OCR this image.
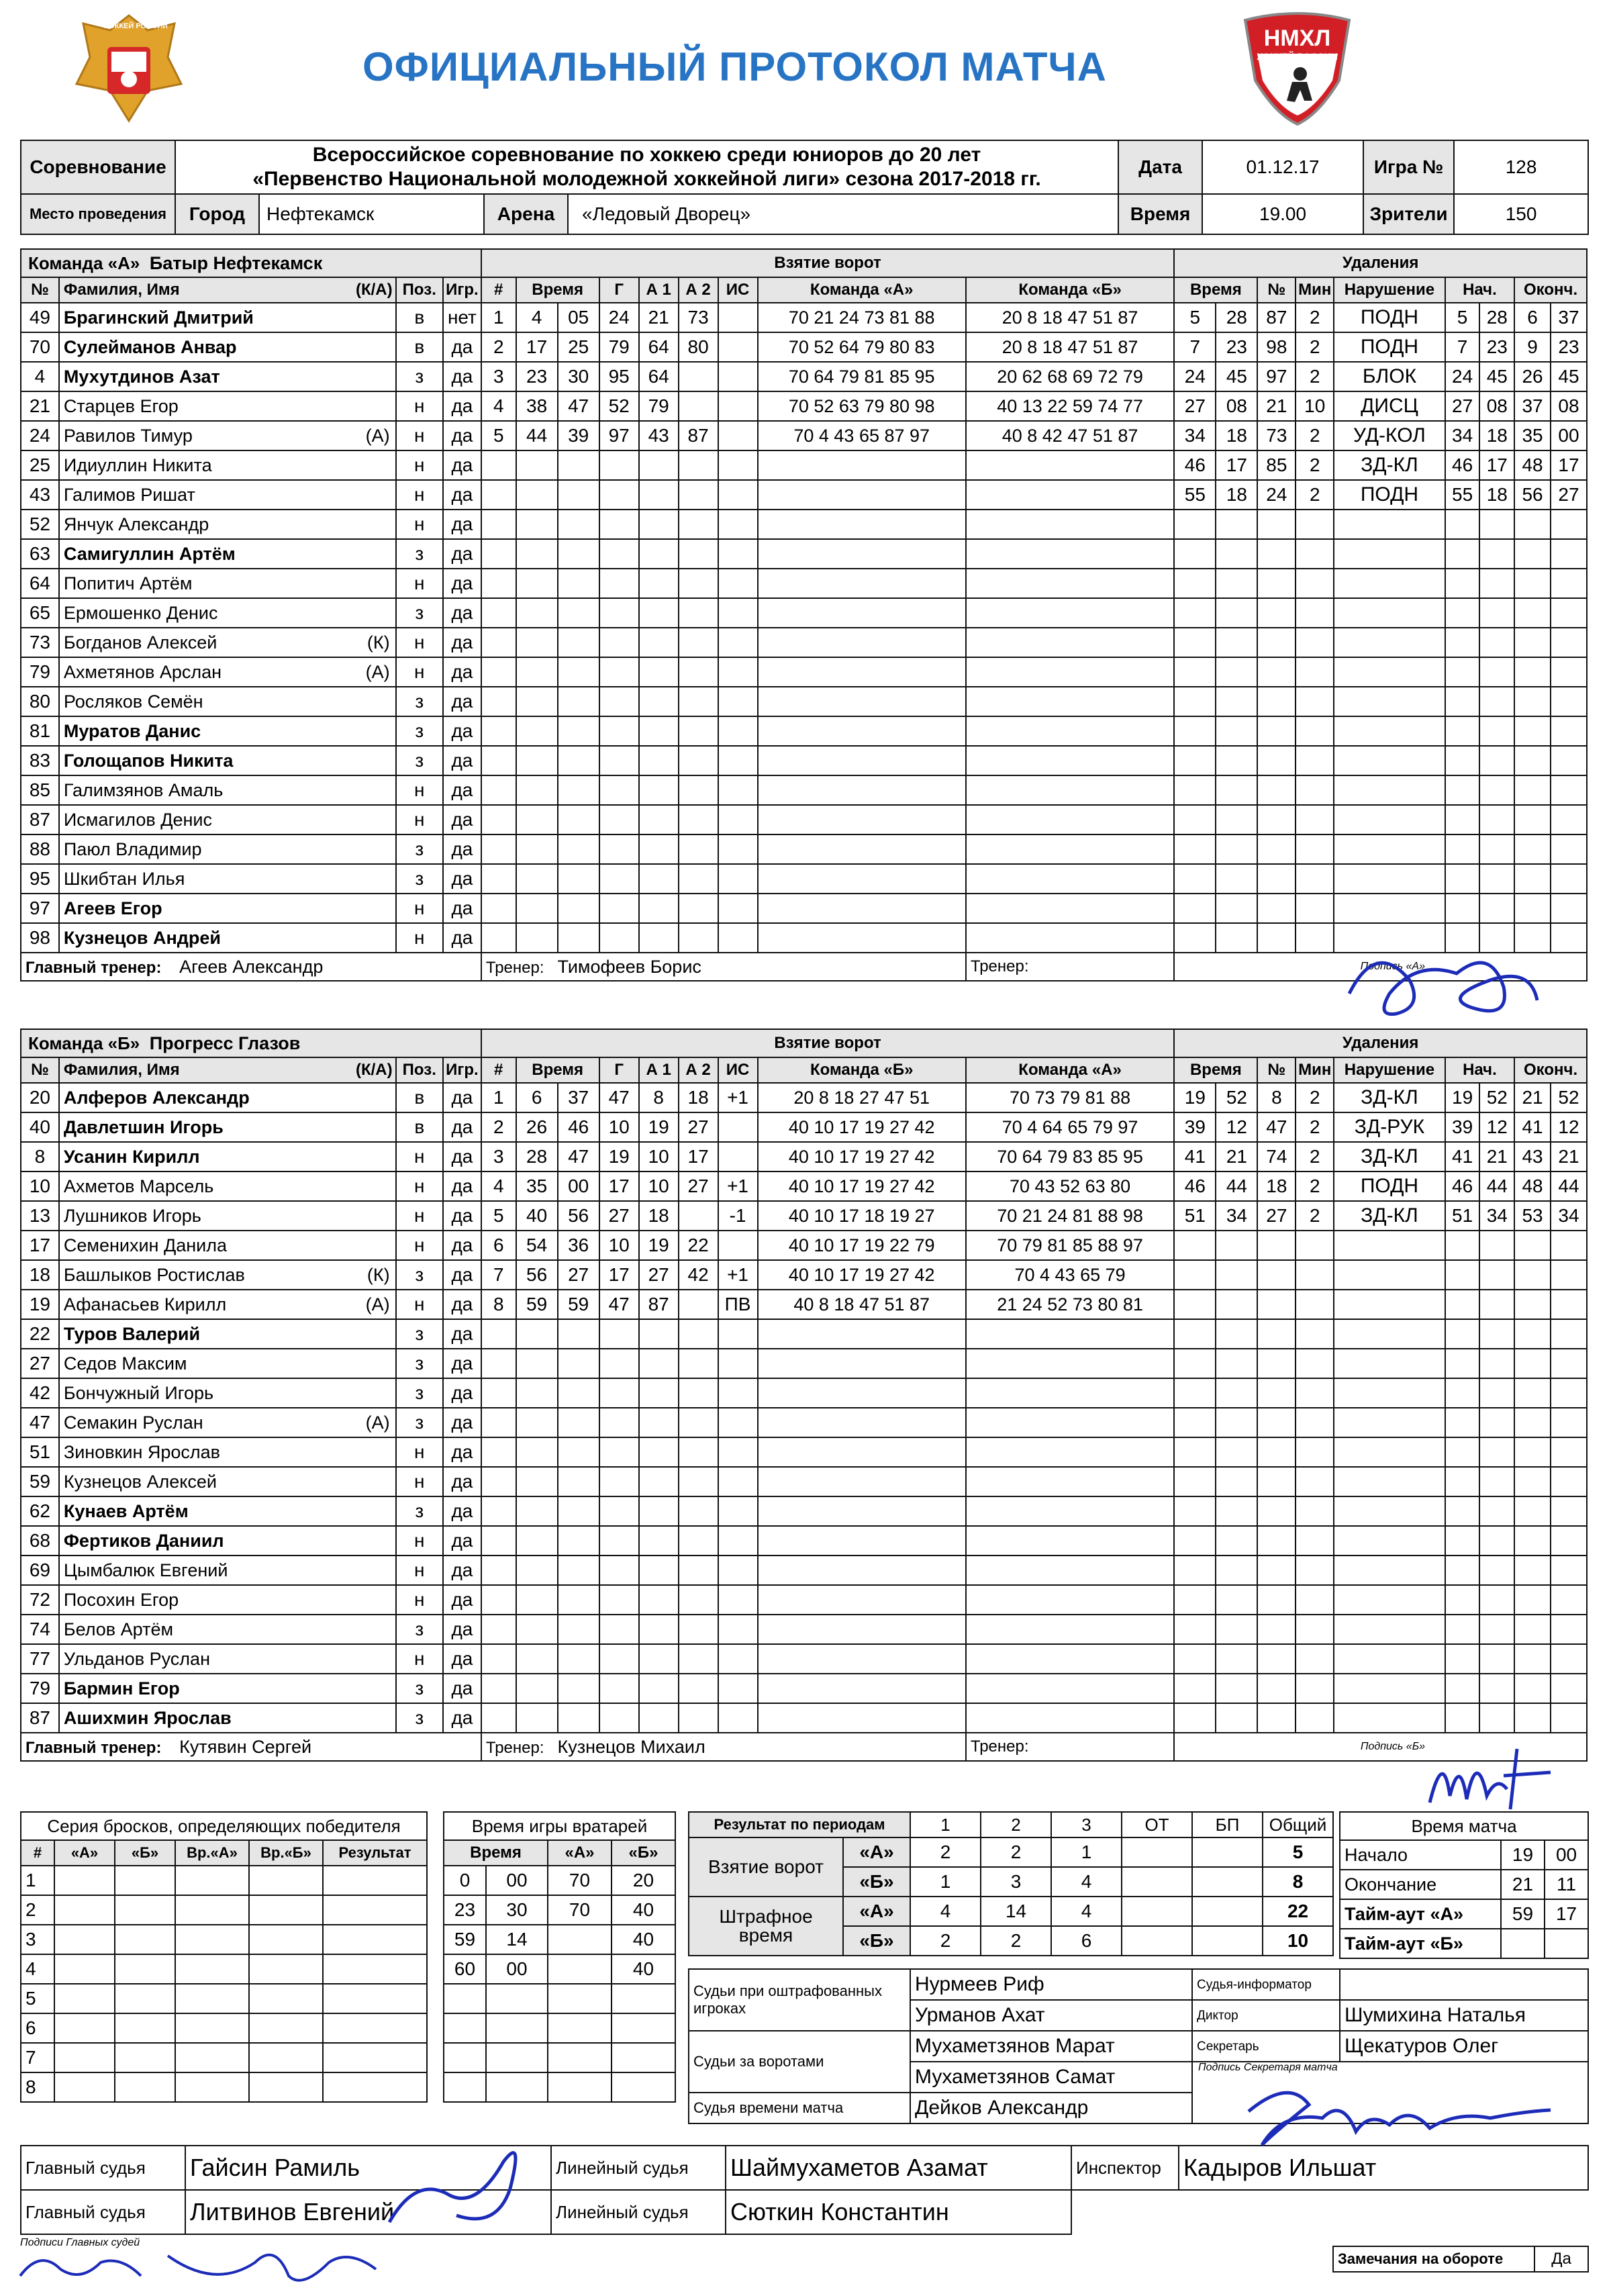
ХОККЕЙ РОССИИ
ОФИЦИАЛЬНЫЙ ПРОТОКОЛ МАТЧА
НМХЛ
ХОККЕЙ РОССИИ
Соревнование	Всероссийское соревнование по хоккею среди юниоров до 20 лет
«Первенство Национальной молодежной хоккейной лиги» сезона 2017-2018 гг.				Дата	01.12.17	Игра №	128
Место проведения	Город	Нефтекамск	Арена	«Ледовый Дворец»	Время	19.00	Зрители	150
Команда «А» Батыр Нефтекамск				Взятие ворот									Удаления								
№	Фамилия, Имя (К/А)	Поз.	Игр.	#	Время		Г	А 1	А 2	ИС	Команда «А»	Команда «Б»	Время		№	Мин	Нарушение	Нач.		Оконч.	
49	Брагинский Дмитрий	в	нет	1	4	05	24	21	73		70 21 24 73 81 88	20 8 18 47 51 87	5	28	87	2	ПОДН	5	28	6	37
70	Сулейманов Анвар	в	да	2	17	25	79	64	80		70 52 64 79 80 83	20 8 18 47 51 87	7	23	98	2	ПОДН	7	23	9	23
4	Мухутдинов Азат	з	да	3	23	30	95	64			70 64 79 81 85 95	20 62 68 69 72 79	24	45	97	2	БЛОК	24	45	26	45
21	Старцев Егор	н	да	4	38	47	52	79			70 52 63 79 80 98	40 13 22 59 74 77	27	08	21	10	ДИСЦ	27	08	37	08
24	Равилов Тимур (А)	н	да	5	44	39	97	43	87		70 4 43 65 87 97	40 8 42 47 51 87	34	18	73	2	УД-КОЛ	34	18	35	00
25	Идиуллин Никита	н	да										46	17	85	2	ЗД-КЛ	46	17	48	17
43	Галимов Ришат	н	да										55	18	24	2	ПОДН	55	18	56	27
52	Янчук Александр	н	да																		
63	Самигуллин Артём	з	да																		
64	Попитич Артём	н	да																		
65	Ермошенко Денис	з	да																		
73	Богданов Алексей (К)	н	да																		
79	Ахметянов Арслан (А)	н	да																		
80	Росляков Семён	з	да																		
81	Муратов Данис	з	да																		
83	Голощапов Никита	з	да																		
85	Галимзянов Амаль	н	да																		
87	Исмагилов Денис	н	да																		
88	Паюл Владимир	з	да																		
95	Шкибтан Илья	з	да																		
97	Агеев Егор	н	да																		
98	Кузнецов Андрей	н	да																		
Главный тренер: Агеев Александр				Тренер: Тимофеев Борис								Тренер:	Подпись «А»								
Команда «Б» Прогресс Глазов				Взятие ворот									Удаления								
№	Фамилия, Имя (К/А)	Поз.	Игр.	#	Время		Г	А 1	А 2	ИС	Команда «Б»	Команда «А»	Время		№	Мин	Нарушение	Нач.		Оконч.	
20	Алферов Александр	в	да	1	6	37	47	8	18	+1	20 8 18 27 47 51	70 73 79 81 88	19	52	8	2	ЗД-КЛ	19	52	21	52
40	Давлетшин Игорь	в	да	2	26	46	10	19	27		40 10 17 19 27 42	70 4 64 65 79 97	39	12	47	2	ЗД-РУК	39	12	41	12
8	Усанин Кирилл	н	да	3	28	47	19	10	17		40 10 17 19 27 42	70 64 79 83 85 95	41	21	74	2	ЗД-КЛ	41	21	43	21
10	Ахметов Марсель	н	да	4	35	00	17	10	27	+1	40 10 17 19 27 42	70 43 52 63 80	46	44	18	2	ПОДН	46	44	48	44
13	Лушников Игорь	н	да	5	40	56	27	18		-1	40 10 17 18 19 27	70 21 24 81 88 98	51	34	27	2	ЗД-КЛ	51	34	53	34
17	Семенихин Данила	н	да	6	54	36	10	19	22		40 10 17 19 22 79	70 79 81 85 88 97									
18	Башлыков Ростислав (К)	з	да	7	56	27	17	27	42	+1	40 10 17 19 27 42	70 4 43 65 79									
19	Афанасьев Кирилл (А)	н	да	8	59	59	47	87		ПВ	40 8 18 47 51 87	21 24 52 73 80 81									
22	Туров Валерий	з	да																		
27	Седов Максим	з	да																		
42	Бончужный Игорь	з	да																		
47	Семакин Руслан (А)	з	да																		
51	Зиновкин Ярослав	н	да																		
59	Кузнецов Алексей	н	да																		
62	Кунаев Артём	з	да																		
68	Фертиков Даниил	н	да																		
69	Цымбалюк Евгений	н	да																		
72	Посохин Егор	н	да																		
74	Белов Артём	з	да																		
77	Ульданов Руслан	н	да																		
79	Бармин Егор	з	да																		
87	Ашихмин Ярослав	з	да																		
Главный тренер: Кутявин Сергей				Тренер: Кузнецов Михаил								Тренер:	Подпись «Б»								
Серия бросков, определяющих победителя					
#	«А»	«Б»	Вр.«А»	Вр.«Б»	Результат
1					
2					
3					
4					
5					
6					
7					
8					
Время игры вратарей			
Время		«А»	«Б»
0	00	70	20
23	30	70	40
59	14		40
60	00		40

Результат по периодам		1	2	3	ОТ	БП	Общий
Взятие ворот	«А»	2	2	1			5
	«Б»	1	3	4			8
Штрафное время	«А»	4	14	4			22
	«Б»	2	2	6			10
Время матча		
Начало	19	00
Окончание	21	11
Тайм-аут «А»	59	17
Тайм-аут «Б»		
Судьи при оштрафованных игроках	Нурмеев Риф	Судья-информатор	
	Урманов Ахат	Диктор	Шумихина Наталья
Судьи за воротами	Мухаметзянов Марат	Секретарь	Щекатуров Олег
	Мухаметзянов Самат	Подпись Секретаря матча	
Судья времени матча	Дейков Александр		
Главный судья	Гайсин Рамиль	Линейный судья	Шаймухаметов Азамат	Инспектор	Кадыров Ильшат
Главный судья	Литвинов Евгений	Линейный судья	Сюткин Константин		
Подписи Главных судей
Замечания на обороте	Да
